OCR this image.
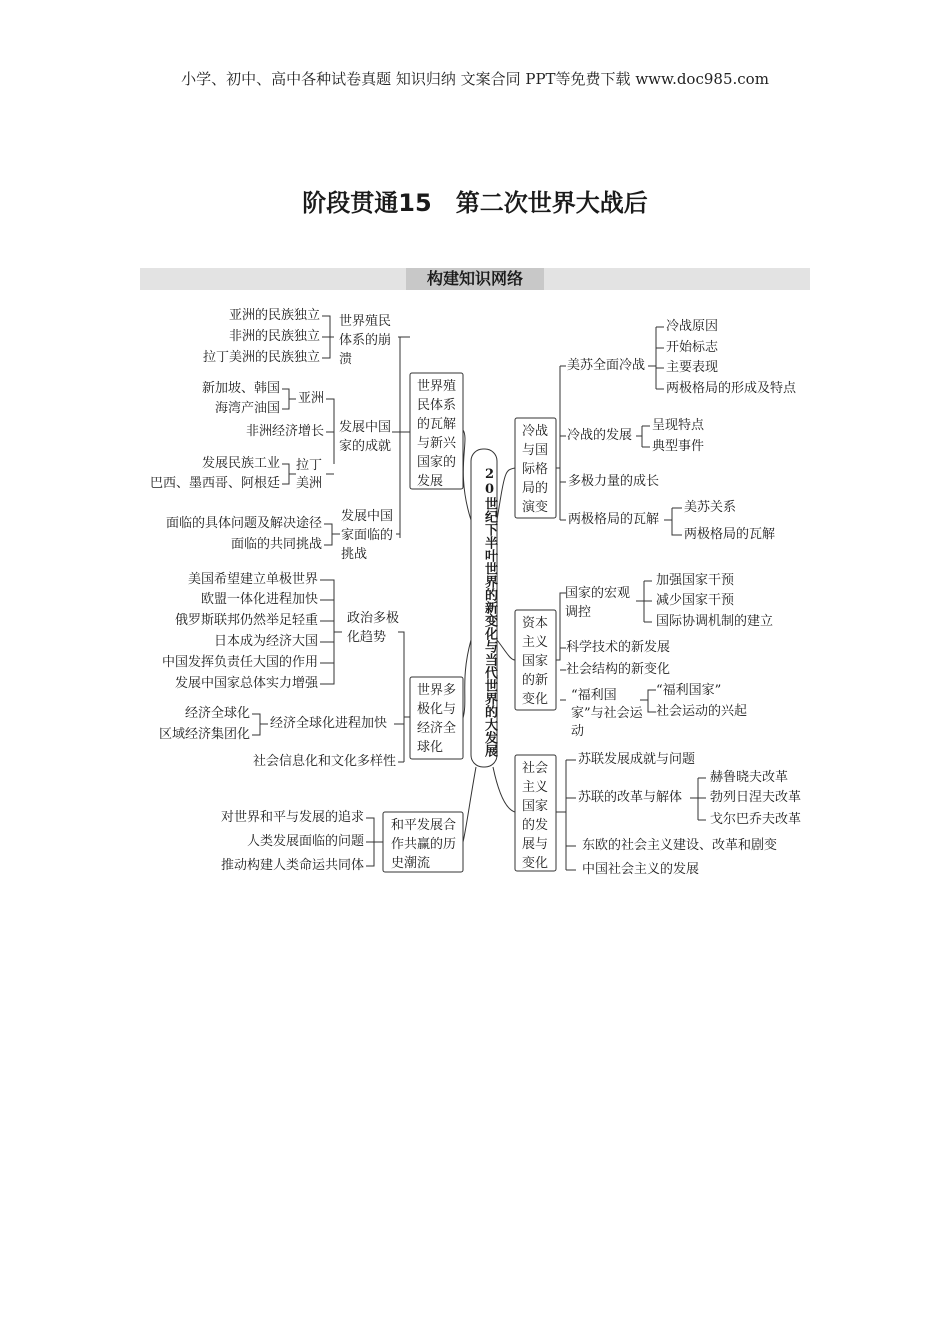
小学、初中、高中各种试卷真题 知识归纳 文案合同 PPT等免费下载 www.doc985.com
阶段贯通15　第二次世界大战后
构建知识网络
20世纪下半叶世界的新变化与当代世界的大发展
世界殖民体系的瓦解与新兴国家的发展
世界殖民体系的崩溃
亚洲的民族独立
非洲的民族独立
拉丁美洲的民族独立
发展中国家的成就
新加坡、韩国
海湾产油国
亚洲
非洲经济增长
发展民族工业
巴西、墨西哥、阿根廷
拉丁美洲
发展中国家面临的挑战
面临的具体问题及解决途径
面临的共同挑战
世界多极化与经济全球化
政治多极化趋势
美国希望建立单极世界
欧盟一体化进程加快
俄罗斯联邦仍然举足轻重
日本成为经济大国
中国发挥负责任大国的作用
发展中国家总体实力增强
经济全球化进程加快
经济全球化
区域经济集团化
社会信息化和文化多样性
和平发展合作共赢的历史潮流
对世界和平与发展的追求
人类发展面临的问题
推动构建人类命运共同体
冷战与国际格局的演变
美苏全面冷战
冷战原因
开始标志
主要表现
两极格局的形成及特点
冷战的发展
呈现特点
典型事件
多极力量的成长
两极格局的瓦解
美苏关系
两极格局的瓦解
资本主义国家的新变化
国家的宏观调控
加强国家干预
减少国家干预
国际协调机制的建立
科学技术的新发展
社会结构的新变化
“福利国家”与社会运动
“福利国家”
社会运动的兴起
社会主义国家的发展与变化
苏联发展成就与问题
苏联的改革与解体
赫鲁晓夫改革
勃列日涅夫改革
戈尔巴乔夫改革
东欧的社会主义建设、改革和剧变
中国社会主义的发展
